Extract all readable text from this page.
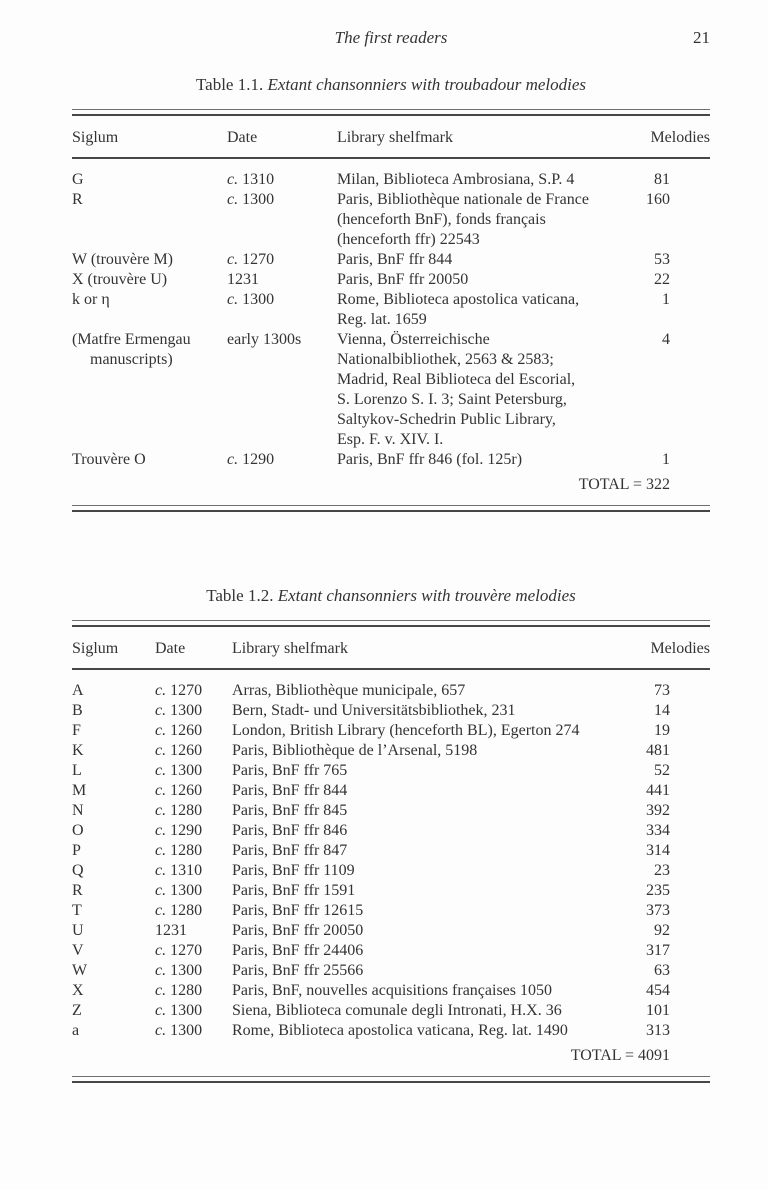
The first readers	21
Table 1.1. Extant chansonniers with troubadour melodies
Siglum	Date	Library shelfmark	Melodies

G	c. 1310	Milan, Biblioteca Ambrosiana, S.P. 4	81

R	c. 1300	Paris, Bibliothèque nationale de France
(henceforth BnF), fonds français
(henceforth ffr) 22543	160

W (trouvère M)	c. 1270	Paris, BnF ffr 844	53

X (trouvère U)	1231	Paris, BnF ffr 20050	22

k or η	c. 1300	Rome, Biblioteca apostolica vaticana,
Reg. lat. 1659	1

(Matfre Ermengau
manuscripts)
	early 1300s	Vienna, Österreichische
Nationalbibliothek, 2563 & 2583;
Madrid, Real Biblioteca del Escorial,
S. Lorenzo S. I. 3; Saint Petersburg,
Saltykov-Schedrin Public Library,
Esp. F. v. XIV. I.
	4

Trouvère O	c. 1290	Paris, BnF ffr 846 (fol. 125r)	1
TOTAL = 322
Table 1.2. Extant chansonniers with trouvère melodies
Siglum	Date	Library shelfmark	Melodies

A	c. 1270	Arras, Bibliothèque municipale, 657	73

B	c. 1300	Bern, Stadt- und Universitätsbibliothek, 231	14

F	c. 1260	London, British Library (henceforth BL), Egerton 274	19

K	c. 1260	Paris, Bibliothèque de l’Arsenal, 5198	481

L	c. 1300	Paris, BnF ffr 765	52

M	c. 1260	Paris, BnF ffr 844	441

N	c. 1280	Paris, BnF ffr 845	392

O	c. 1290	Paris, BnF ffr 846	334

P	c. 1280	Paris, BnF ffr 847	314

Q	c. 1310	Paris, BnF ffr 1109	23

R	c. 1300	Paris, BnF ffr 1591	235

T	c. 1280	Paris, BnF ffr 12615	373

U	1231	Paris, BnF ffr 20050	92

V	c. 1270	Paris, BnF ffr 24406	317

W	c. 1300	Paris, BnF ffr 25566	63

X	c. 1280	Paris, BnF, nouvelles acquisitions françaises 1050	454

Z	c. 1300	Siena, Biblioteca comunale degli Intronati, H.X. 36	101

a	c. 1300	Rome, Biblioteca apostolica vaticana, Reg. lat. 1490	313
TOTAL = 4091
